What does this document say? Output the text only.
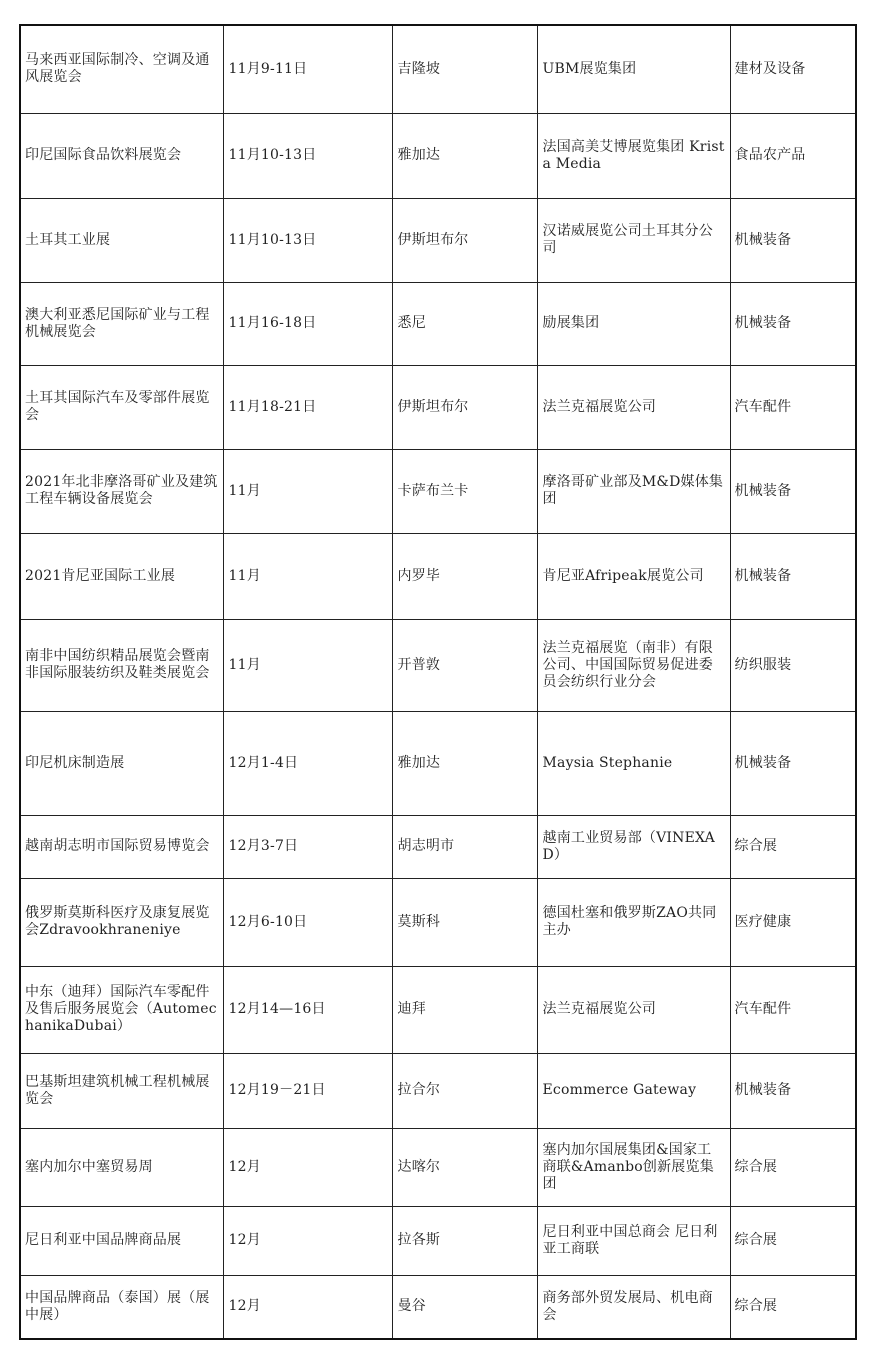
马来西亚国际制冷、空调及通风展览会	11月9-11日	吉隆坡	UBM展览集团	建材及设备
印尼国际食品饮料展览会	11月10-13日	雅加达	法国高美艾博展览集团 Krista Media	食品农产品
土耳其工业展	11月10-13日	伊斯坦布尔	汉诺威展览公司土耳其分公司	机械装备
澳大利亚悉尼国际矿业与工程机械展览会	11月16-18日	悉尼	励展集团	机械装备
土耳其国际汽车及零部件展览会	11月18-21日	伊斯坦布尔	法兰克福展览公司	汽车配件
2021年北非摩洛哥矿业及建筑工程车辆设备展览会	11月	卡萨布兰卡	摩洛哥矿业部及M&D媒体集团	机械装备
2021肯尼亚国际工业展	11月	内罗毕	肯尼亚Afripeak展览公司	机械装备
南非中国纺织精品展览会暨南非国际服装纺织及鞋类展览会	11月	开普敦	法兰克福展览（南非）有限公司、中国国际贸易促进委员会纺织行业分会	纺织服装
印尼机床制造展	12月1-4日	雅加达	Maysia Stephanie	机械装备
越南胡志明市国际贸易博览会	12月3-7日	胡志明市	越南工业贸易部（VINEXAD）	综合展
俄罗斯莫斯科医疗及康复展览会Zdravookhraneniye	12月6-10日	莫斯科	德国杜塞和俄罗斯ZAO共同主办	医疗健康
中东（迪拜）国际汽车零配件及售后服务展览会（AutomechanikaDubai）	12月14—16日	迪拜	法兰克福展览公司	汽车配件
巴基斯坦建筑机械工程机械展览会	12月19－21日	拉合尔	Ecommerce Gateway	机械装备
塞内加尔中塞贸易周	12月	达喀尔	塞内加尔国展集团&国家工商联&Amanbo创新展览集团	综合展
尼日利亚中国品牌商品展	12月	拉各斯	尼日利亚中国总商会 尼日利亚工商联	综合展
中国品牌商品（泰国）展（展中展）	12月	曼谷	商务部外贸发展局、机电商会	综合展
